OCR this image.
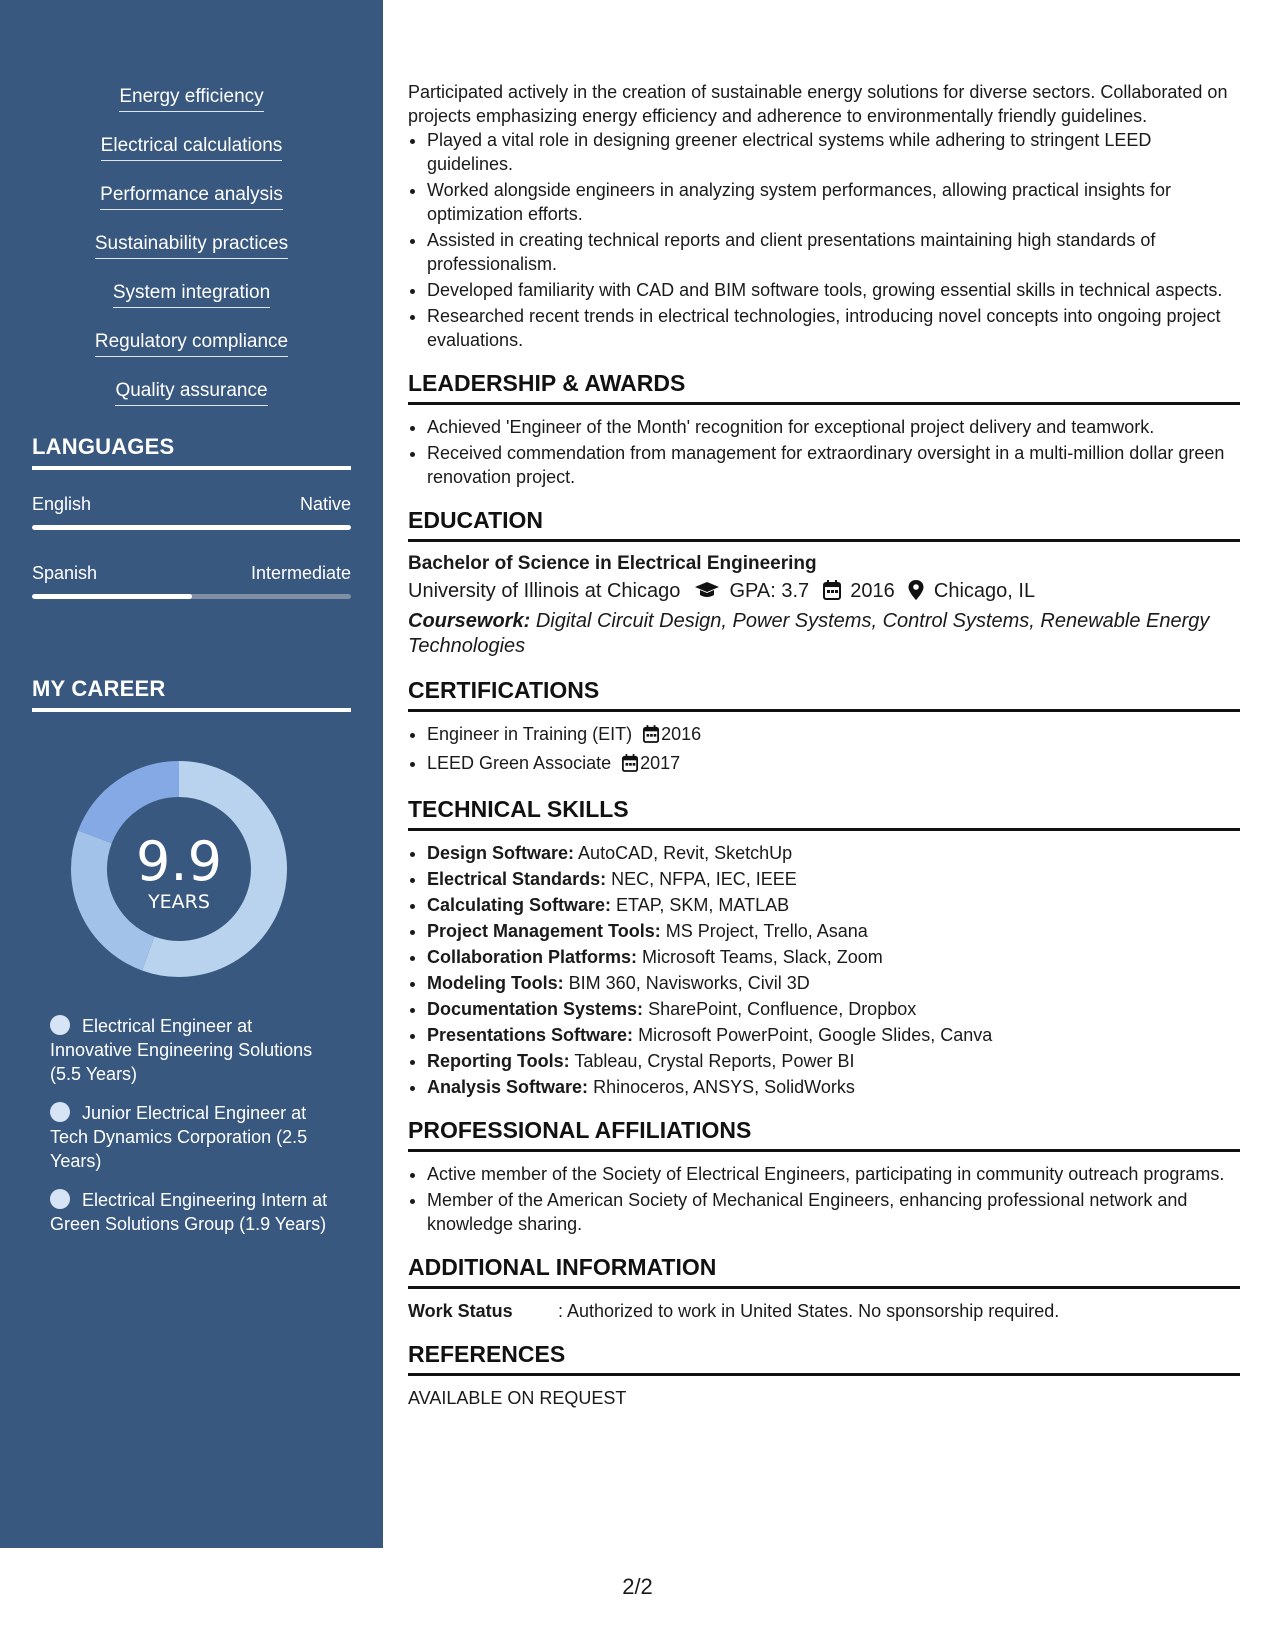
Energy efficiency
Electrical calculations
Performance analysis
Sustainability practices
System integration
Regulatory compliance
Quality assurance
LANGUAGES
English	Native
Spanish	Intermediate
MY CAREER
9.9
YEARS
Electrical Engineer at Innovative Engineering Solutions (5.5 Years)
Junior Electrical Engineer at Tech Dynamics Corporation (2.5 Years)
Electrical Engineering Intern at Green Solutions Group (1.9 Years)

Participated actively in the creation of sustainable energy solutions for diverse sectors. Collaborated on projects emphasizing energy efficiency and adherence to environmentally friendly guidelines.

• Played a vital role in designing greener electrical systems while adhering to stringent LEED guidelines.
• Worked alongside engineers in analyzing system performances, allowing practical insights for optimization efforts.
• Assisted in creating technical reports and client presentations maintaining high standards of professionalism.
• Developed familiarity with CAD and BIM software tools, growing essential skills in technical aspects.
• Researched recent trends in electrical technologies, introducing novel concepts into ongoing project evaluations.
LEADERSHIP & AWARDS
• Achieved 'Engineer of the Month' recognition for exceptional project delivery and teamwork.
• Received commendation from management for extraordinary oversight in a multi-million dollar green renovation project.
EDUCATION
Bachelor of Science in Electrical Engineering
University of Illinois at Chicago GPA: 3.7 2016 Chicago, IL
Coursework: Digital Circuit Design, Power Systems, Control Systems, Renewable Energy Technologies
CERTIFICATIONS
• Engineer in Training (EIT) 2016
• LEED Green Associate 2017
TECHNICAL SKILLS
• Design Software: AutoCAD, Revit, SketchUp
• Electrical Standards: NEC, NFPA, IEC, IEEE
• Calculating Software: ETAP, SKM, MATLAB
• Project Management Tools: MS Project, Trello, Asana
• Collaboration Platforms: Microsoft Teams, Slack, Zoom
• Modeling Tools: BIM 360, Navisworks, Civil 3D
• Documentation Systems: SharePoint, Confluence, Dropbox
• Presentations Software: Microsoft PowerPoint, Google Slides, Canva
• Reporting Tools: Tableau, Crystal Reports, Power BI
• Analysis Software: Rhinoceros, ANSYS, SolidWorks
PROFESSIONAL AFFILIATIONS
• Active member of the Society of Electrical Engineers, participating in community outreach programs.
• Member of the American Society of Mechanical Engineers, enhancing professional network and knowledge sharing.
ADDITIONAL INFORMATION
Work Status	: Authorized to work in United States. No sponsorship required.
REFERENCES
AVAILABLE ON REQUEST
2/2
